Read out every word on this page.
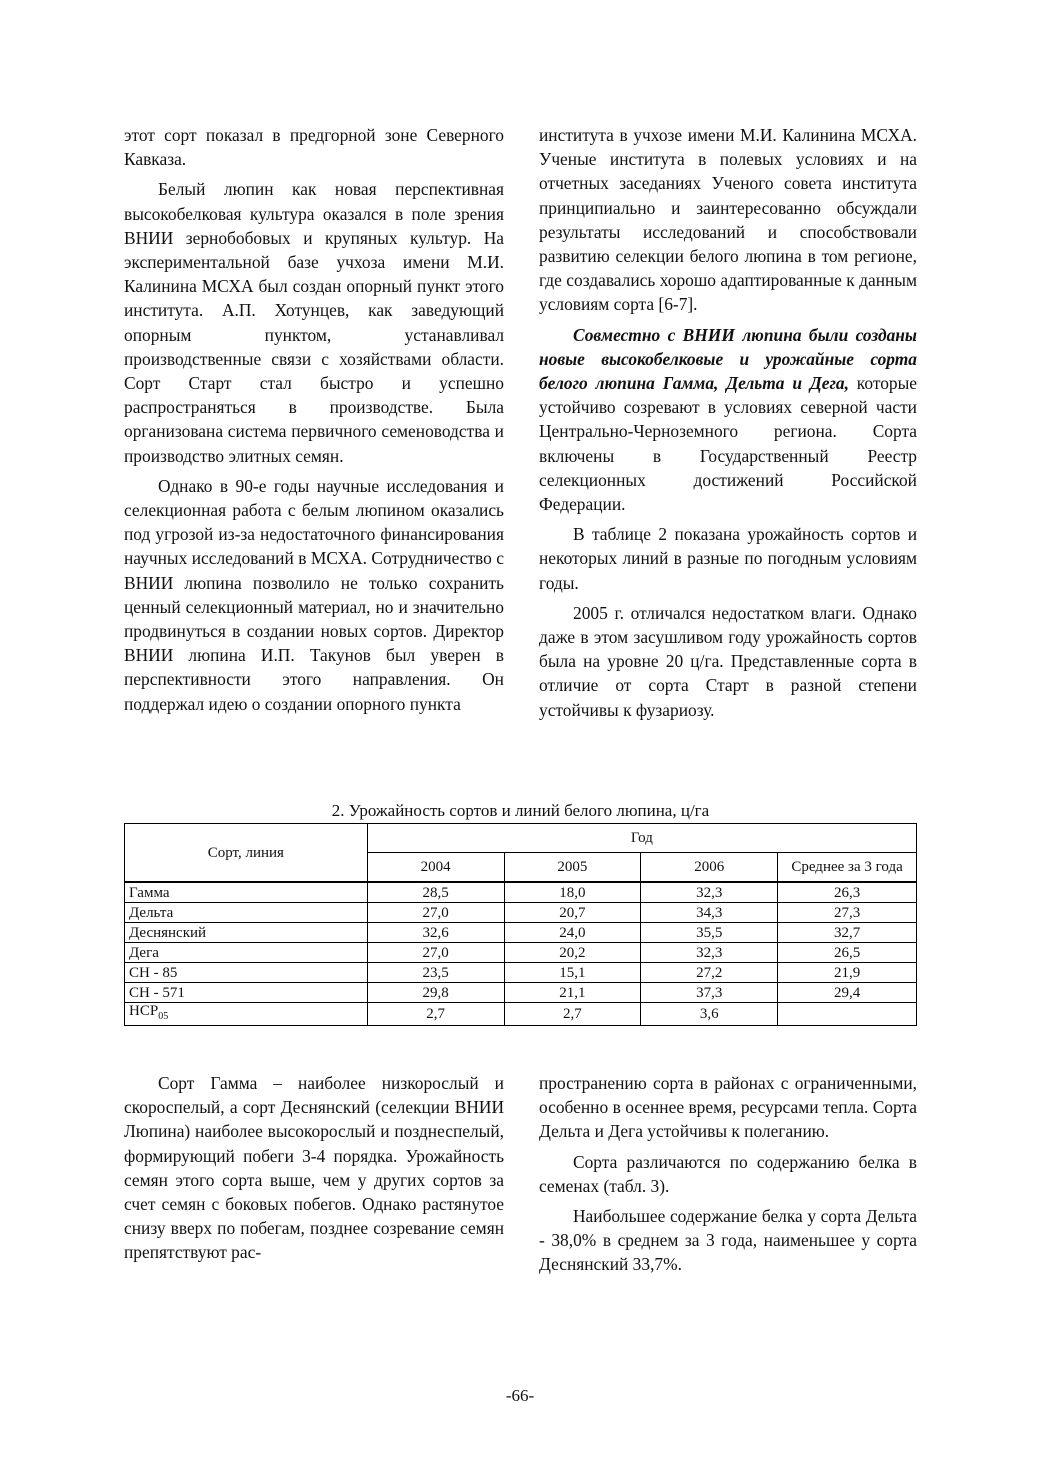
этот сорт показал в предгорной зоне Северного Кавказа.

Белый люпин как новая перспективная высокобелковая культура оказался в поле зрения ВНИИ зернобобовых и крупяных культур. На экспериментальной базе учхоза имени М.И. Калинина МСХА был создан опорный пункт этого института. А.П. Хотунцев, как заведующий опорным пунктом, устанавливал производственные связи с хозяйствами области. Сорт Старт стал быстро и успешно распространяться в производстве. Была организована система первичного семеноводства и производство элитных семян.

Однако в 90-е годы научные исследования и селекционная работа с белым люпином оказались под угрозой из-за недостаточного финансирования научных исследований в МСХА. Сотрудничество с ВНИИ люпина позволило не только сохранить ценный селекционный материал, но и значительно продвинуться в создании новых сортов. Директор ВНИИ люпина И.П. Такунов был уверен в перспективности этого направления. Он поддержал идею о создании опорного пункта

института в учхозе имени М.И. Калинина МСХА. Ученые института в полевых условиях и на отчетных заседаниях Ученого совета института принципиально и заинтересованно обсуждали результаты исследований и способствовали развитию селекции белого люпина в том регионе, где создавались хорошо адаптированные к данным условиям сорта [6-7].

Совместно с ВНИИ люпина были созданы новые высокобелковые и урожайные сорта белого люпина Гамма, Дельта и Дега, которые устойчиво созревают в условиях северной части Центрально-Черноземного региона. Сорта включены в Государственный Реестр селекционных достижений Российской Федерации.

В таблице 2 показана урожайность сортов и некоторых линий в разные по погодным условиям годы.

2005 г. отличался недостатком влаги. Однако даже в этом засушливом году урожайность сортов была на уровне 20 ц/га. Представленные сорта в отличие от сорта Старт в разной степени устойчивы к фузариозу.

2. Урожайность сортов и линий белого люпина, ц/га
Сорт, линия	Год			
	2004	2005	2006	Среднее за 3 года
Гамма	28,5	18,0	32,3	26,3
Дельта	27,0	20,7	34,3	27,3
Деснянский	32,6	24,0	35,5	32,7
Дега	27,0	20,2	32,3	26,5
СН - 85	23,5	15,1	27,2	21,9
СН - 571	29,8	21,1	37,3	29,4
$НСР_{05}$	2,7	2,7	3,6	

Сорт Гамма – наиболее низкорослый и скороспелый, а сорт Деснянский (селекции ВНИИ Люпина) наиболее высокорослый и позднеспелый, формирующий побеги 3-4 порядка. Урожайность семян этого сорта выше, чем у других сортов за счет семян с боковых побегов. Однако растянутое снизу вверх по побегам, позднее созревание семян препятствуют рас-

пространению сорта в районах с ограниченными, особенно в осеннее время, ресурсами тепла. Сорта Дельта и Дега устойчивы к полеганию.

Сорта различаются по содержанию белка в семенах (табл. 3).

Наибольшее содержание белка у сорта Дельта - 38,0% в среднем за 3 года, наименьшее у сорта Деснянский 33,7%.

-66-
